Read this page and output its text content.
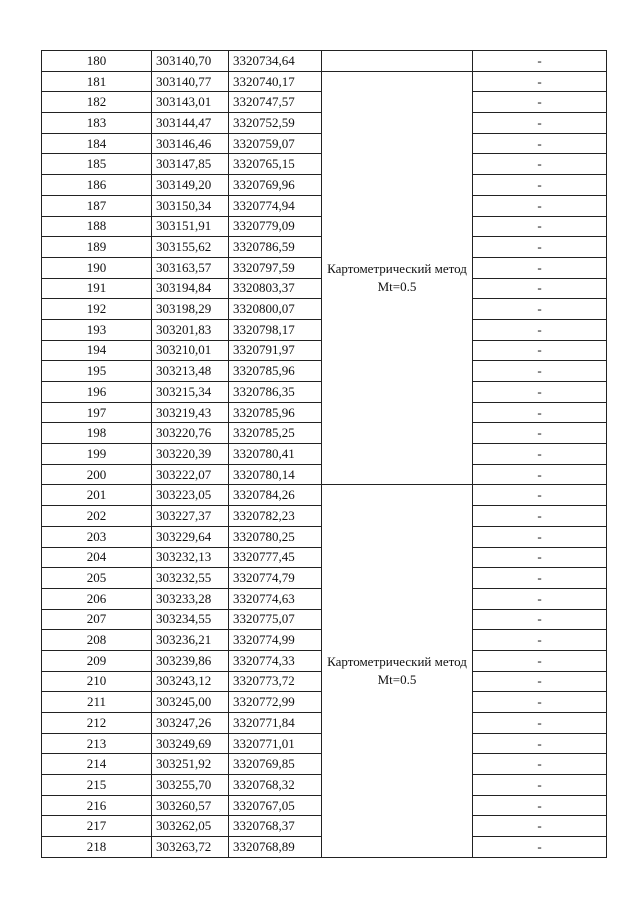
180	303140,70	3320734,64		-
181	303140,77	3320740,17	Картометрический метод Mt=0.5	-
182	303143,01	3320747,57		-
183	303144,47	3320752,59		-
184	303146,46	3320759,07		-
185	303147,85	3320765,15		-
186	303149,20	3320769,96		-
187	303150,34	3320774,94		-
188	303151,91	3320779,09		-
189	303155,62	3320786,59		-
190	303163,57	3320797,59		-
191	303194,84	3320803,37		-
192	303198,29	3320800,07		-
193	303201,83	3320798,17		-
194	303210,01	3320791,97		-
195	303213,48	3320785,96		-
196	303215,34	3320786,35		-
197	303219,43	3320785,96		-
198	303220,76	3320785,25		-
199	303220,39	3320780,41		-
200	303222,07	3320780,14		-
201	303223,05	3320784,26	Картометрический метод Mt=0.5	-
202	303227,37	3320782,23		-
203	303229,64	3320780,25		-
204	303232,13	3320777,45		-
205	303232,55	3320774,79		-
206	303233,28	3320774,63		-
207	303234,55	3320775,07		-
208	303236,21	3320774,99		-
209	303239,86	3320774,33		-
210	303243,12	3320773,72		-
211	303245,00	3320772,99		-
212	303247,26	3320771,84		-
213	303249,69	3320771,01		-
214	303251,92	3320769,85		-
215	303255,70	3320768,32		-
216	303260,57	3320767,05		-
217	303262,05	3320768,37		-
218	303263,72	3320768,89		-
